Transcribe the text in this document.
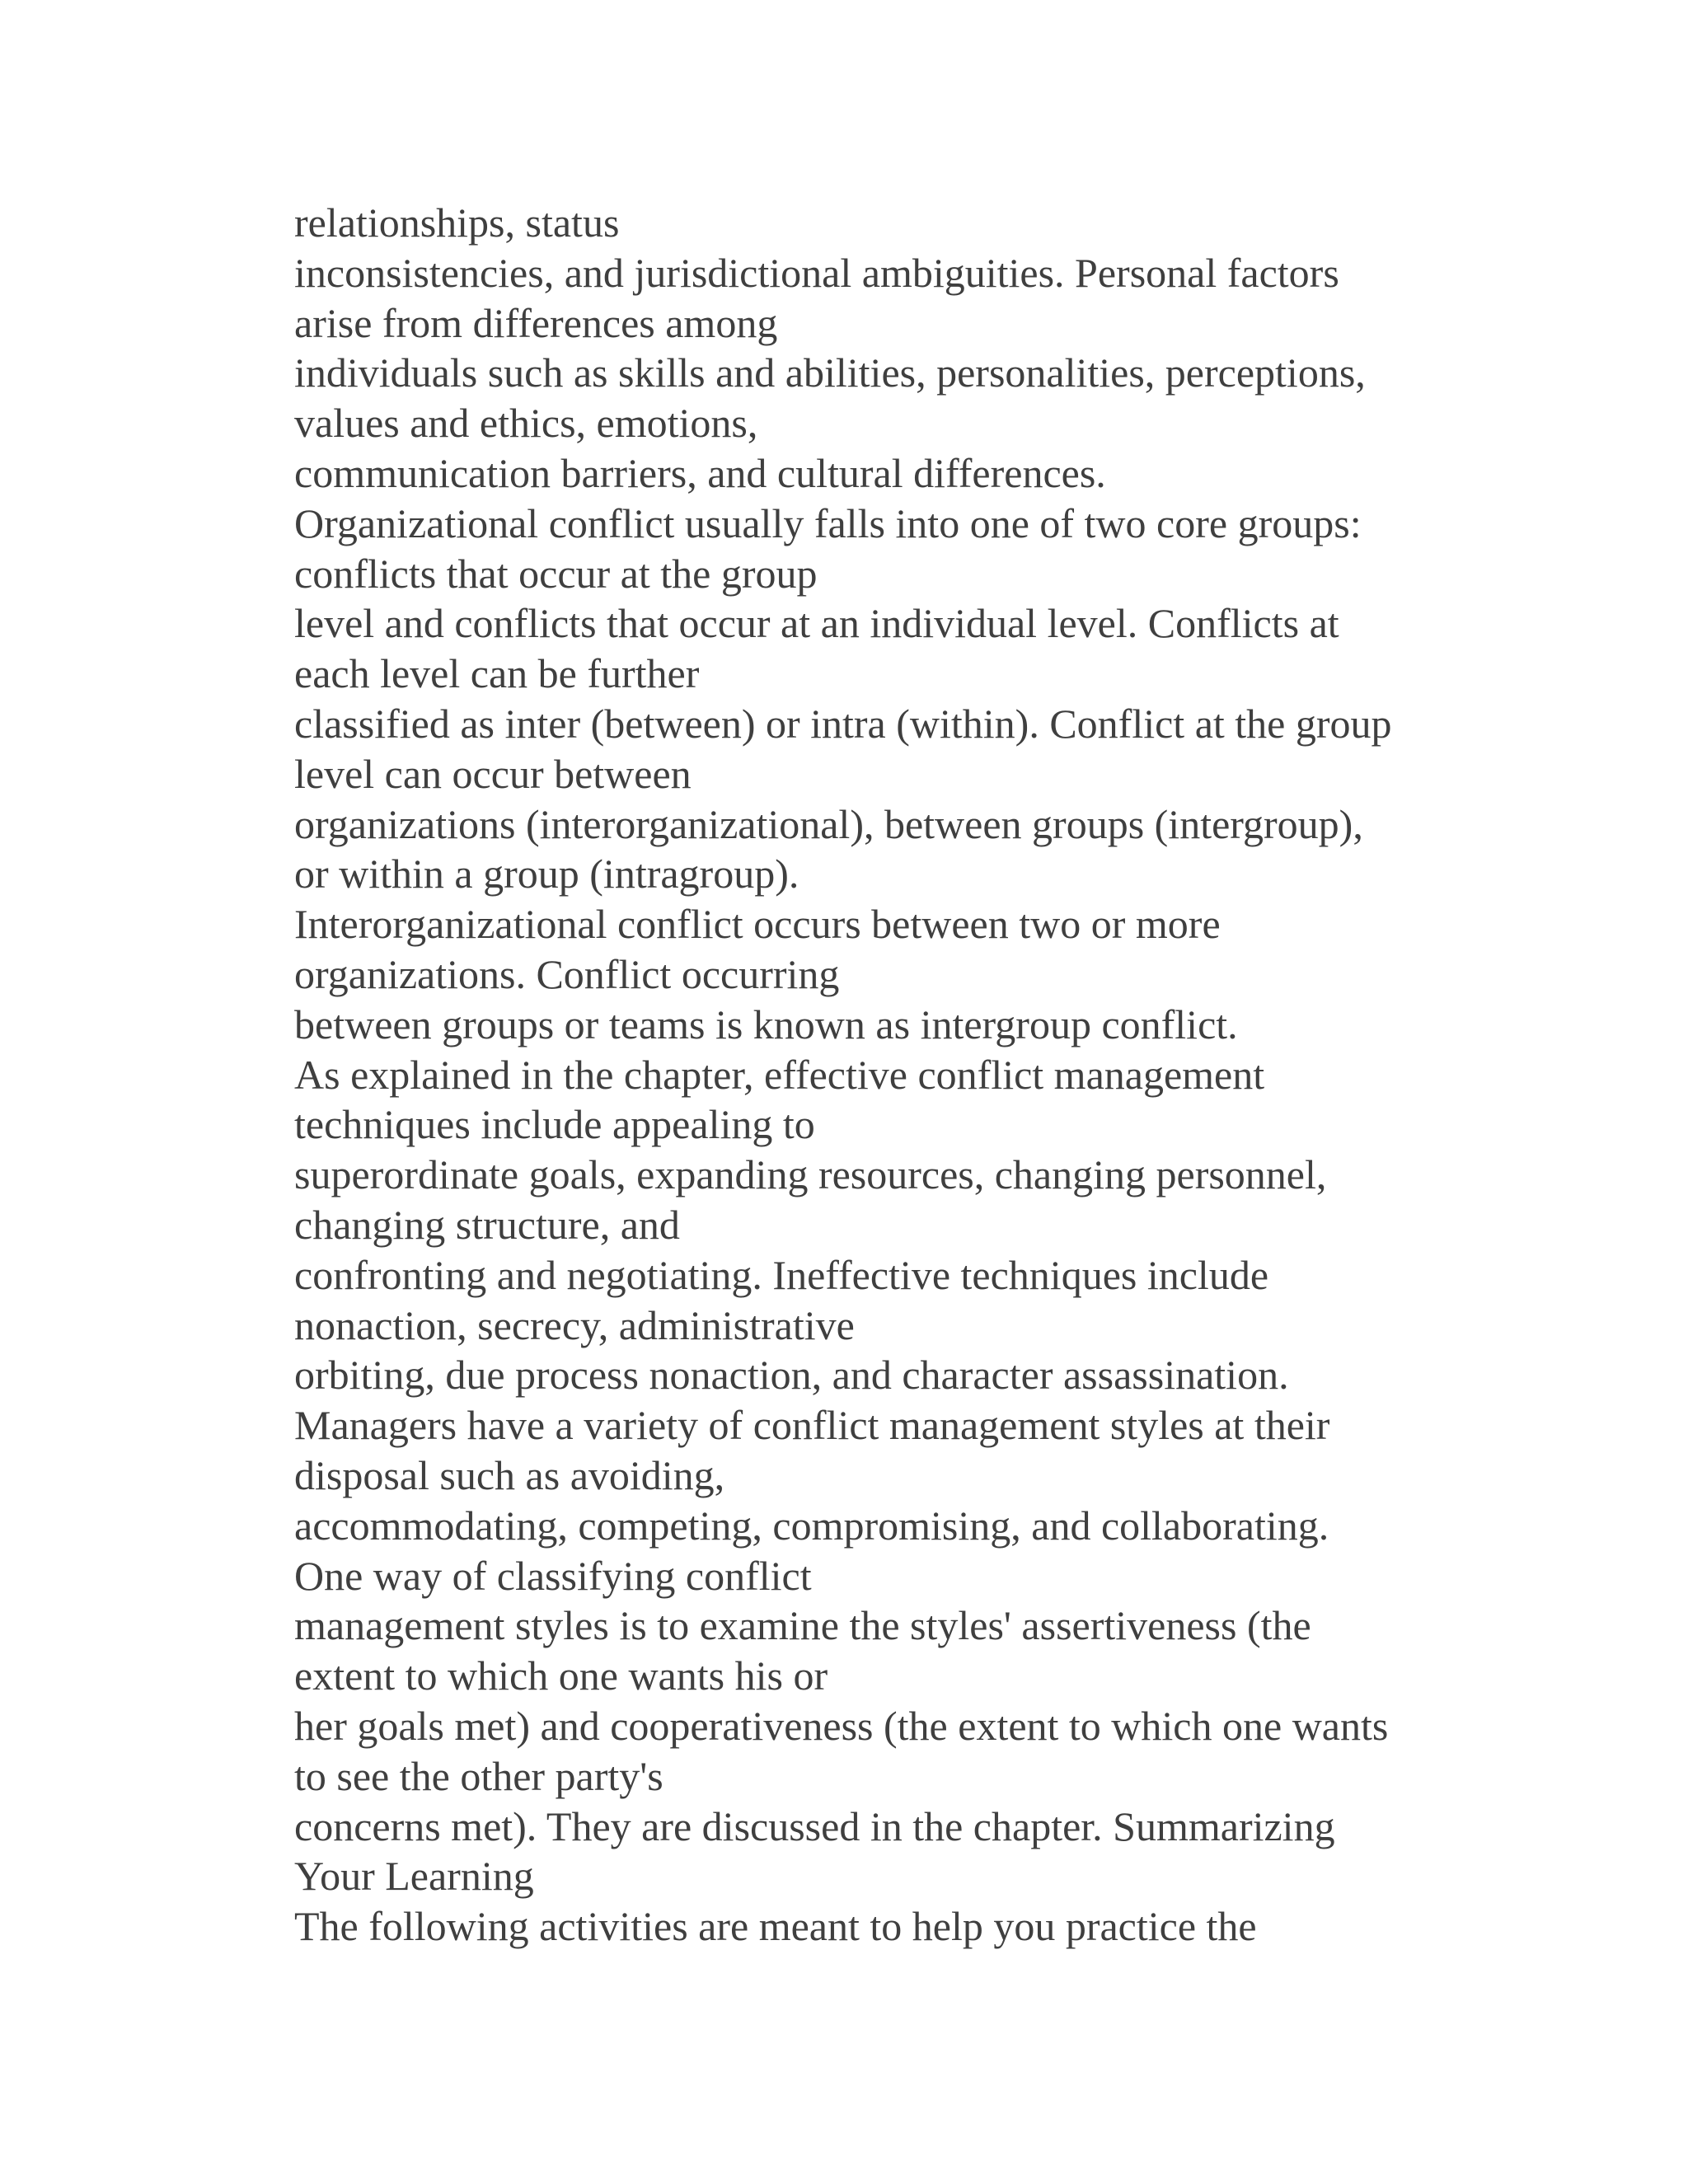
relationships, status
inconsistencies, and jurisdictional ambiguities. Personal factors
arise from differences among
individuals such as skills and abilities, personalities, perceptions,
values and ethics, emotions,
communication barriers, and cultural differences.
Organizational conflict usually falls into one of two core groups:
conflicts that occur at the group
level and conflicts that occur at an individual level. Conflicts at
each level can be further
classified as inter (between) or intra (within). Conflict at the group
level can occur between
organizations (interorganizational), between groups (intergroup),
or within a group (intragroup).
Interorganizational conflict occurs between two or more
organizations. Conflict occurring
between groups or teams is known as intergroup conflict.
As explained in the chapter, effective conflict management
techniques include appealing to
superordinate goals, expanding resources, changing personnel,
changing structure, and
confronting and negotiating. Ineffective techniques include
nonaction, secrecy, administrative
orbiting, due process nonaction, and character assassination.
Managers have a variety of conflict management styles at their
disposal such as avoiding,
accommodating, competing, compromising, and collaborating.
One way of classifying conflict
management styles is to examine the styles' assertiveness (the
extent to which one wants his or
her goals met) and cooperativeness (the extent to which one wants
to see the other party's
concerns met). They are discussed in the chapter. Summarizing
Your Learning
The following activities are meant to help you practice the
